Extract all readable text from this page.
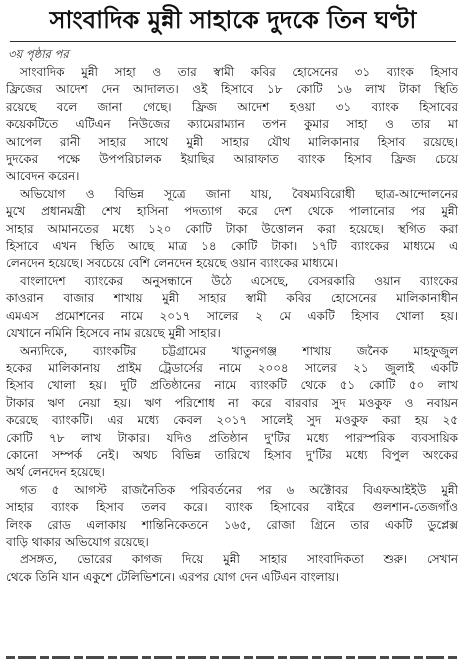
সাংবাদিক মুন্নী সাহাকে দুদকে তিন ঘণ্টা
৩য় পৃষ্ঠার পর
সাংবাদিক মুন্নী সাহা ও তার স্বামী কবির হোসেনের ৩১ ব্যাংক হিসাব
ফ্রিজের আদেশ দেন আদালত। ওই হিসাবে ১৮ কোটি ১৬ লাখ টাকা স্থিতি
রয়েছে বলে জানা গেছে। ফ্রিজ আদেশ হওয়া ৩১ ব্যাংক হিসাবের
কয়েকটিতে এটিএন নিউজের ক্যামেরাম্যান তপন কুমার সাহা ও তার মা
আপেল রানী সাহার সাথে মুন্নী সাহার যৌথ মালিকানার হিসাব রয়েছে।
দুদকের পক্ষে উপপরিচালক ইয়াছির আরাফাত ব্যাংক হিসাব ফ্রিজ চেয়ে
আবেদন করেন।
অভিযোগ ও বিভিন্ন সূত্রে জানা যায়, বৈষম্যবিরোধী ছাত্র-আন্দোলনের
মুখে প্রধানমন্ত্রী শেখ হাসিনা পদত্যাগ করে দেশ থেকে পালানোর পর মুন্নী
সাহার আমানতের মধ্যে ১২০ কোটি টাকা উত্তোলন করা হয়েছে। স্থগিত করা
হিসাবে এখন স্থিতি আছে মাত্র ১৪ কোটি টাকা। ১৭টি ব্যাংকের মাধ্যমে এ
লেনদেন হয়েছে। সবচেয়ে বেশি লেনদেন হয়েছে ওয়ান ব্যাংকের মাধ্যমে।
বাংলাদেশ ব্যাংকের অনুসন্ধানে উঠে এসেছে, বেসরকারি ওয়ান ব্যাংকের
কাওরান বাজার শাখায় মুন্নী সাহার স্বামী কবির হোসেনের মালিকানাধীন
এমএস প্রমোশনের নামে ২০১৭ সালের ২ মে একটি হিসাব খোলা হয়।
যেখানে নমিনি হিসেবে নাম রয়েছে মুন্নী সাহার।
অন্যদিকে, ব্যাংকটির চট্টগ্রামের খাতুনগঞ্জ শাখায় জনৈক মাহফুজুল
হকের মালিকানায় প্রাইম ট্রেডার্সের নামে ২০০৪ সালের ২১ জুলাই একটি
হিসাব খোলা হয়। দুটি প্রতিষ্ঠানের নামে ব্যাংকটি থেকে ৫১ কোটি ৫০ লাখ
টাকার ঋণ নেয়া হয়। ঋণ পরিশোধ না করে বারবার সুদ মওকুফ ও নবায়ন
করেছে ব্যাংকটি। এর মধ্যে কেবল ২০১৭ সালেই সুদ মওকুফ করা হয় ২৫
কোটি ৭৮ লাখ টাকার। যদিও প্রতিষ্ঠান দু'টির মধ্যে পারস্পরিক ব্যবসায়িক
কোনো সম্পর্ক নেই। অথচ বিভিন্ন তারিখে হিসাব দু'টির মধ্যে বিপুল অংকের
অর্থ লেনদেন হয়েছে।
গত ৫ আগস্ট রাজনৈতিক পরিবর্তনের পর ৬ অক্টোবর বিএফআইইউ মুন্নী
সাহার ব্যাংক হিসাব তলব করে। ব্যাংক হিসাবের বাইরে গুলশান-তেজগাঁও
লিংক রোড এলাকায় শান্তিনিকেতনে ১৬৫, রোজা গ্রিনে তার একটি ডুপ্লেক্স
বাড়ি থাকার অভিযোগ রয়েছে।
প্রসঙ্গত, ভোরের কাগজ দিয়ে মুন্নী সাহার সাংবাদিকতা শুরু। সেখান
থেকে তিনি যান একুশে টেলিভিশনে। এরপর যোগ দেন এটিএন বাংলায়।
